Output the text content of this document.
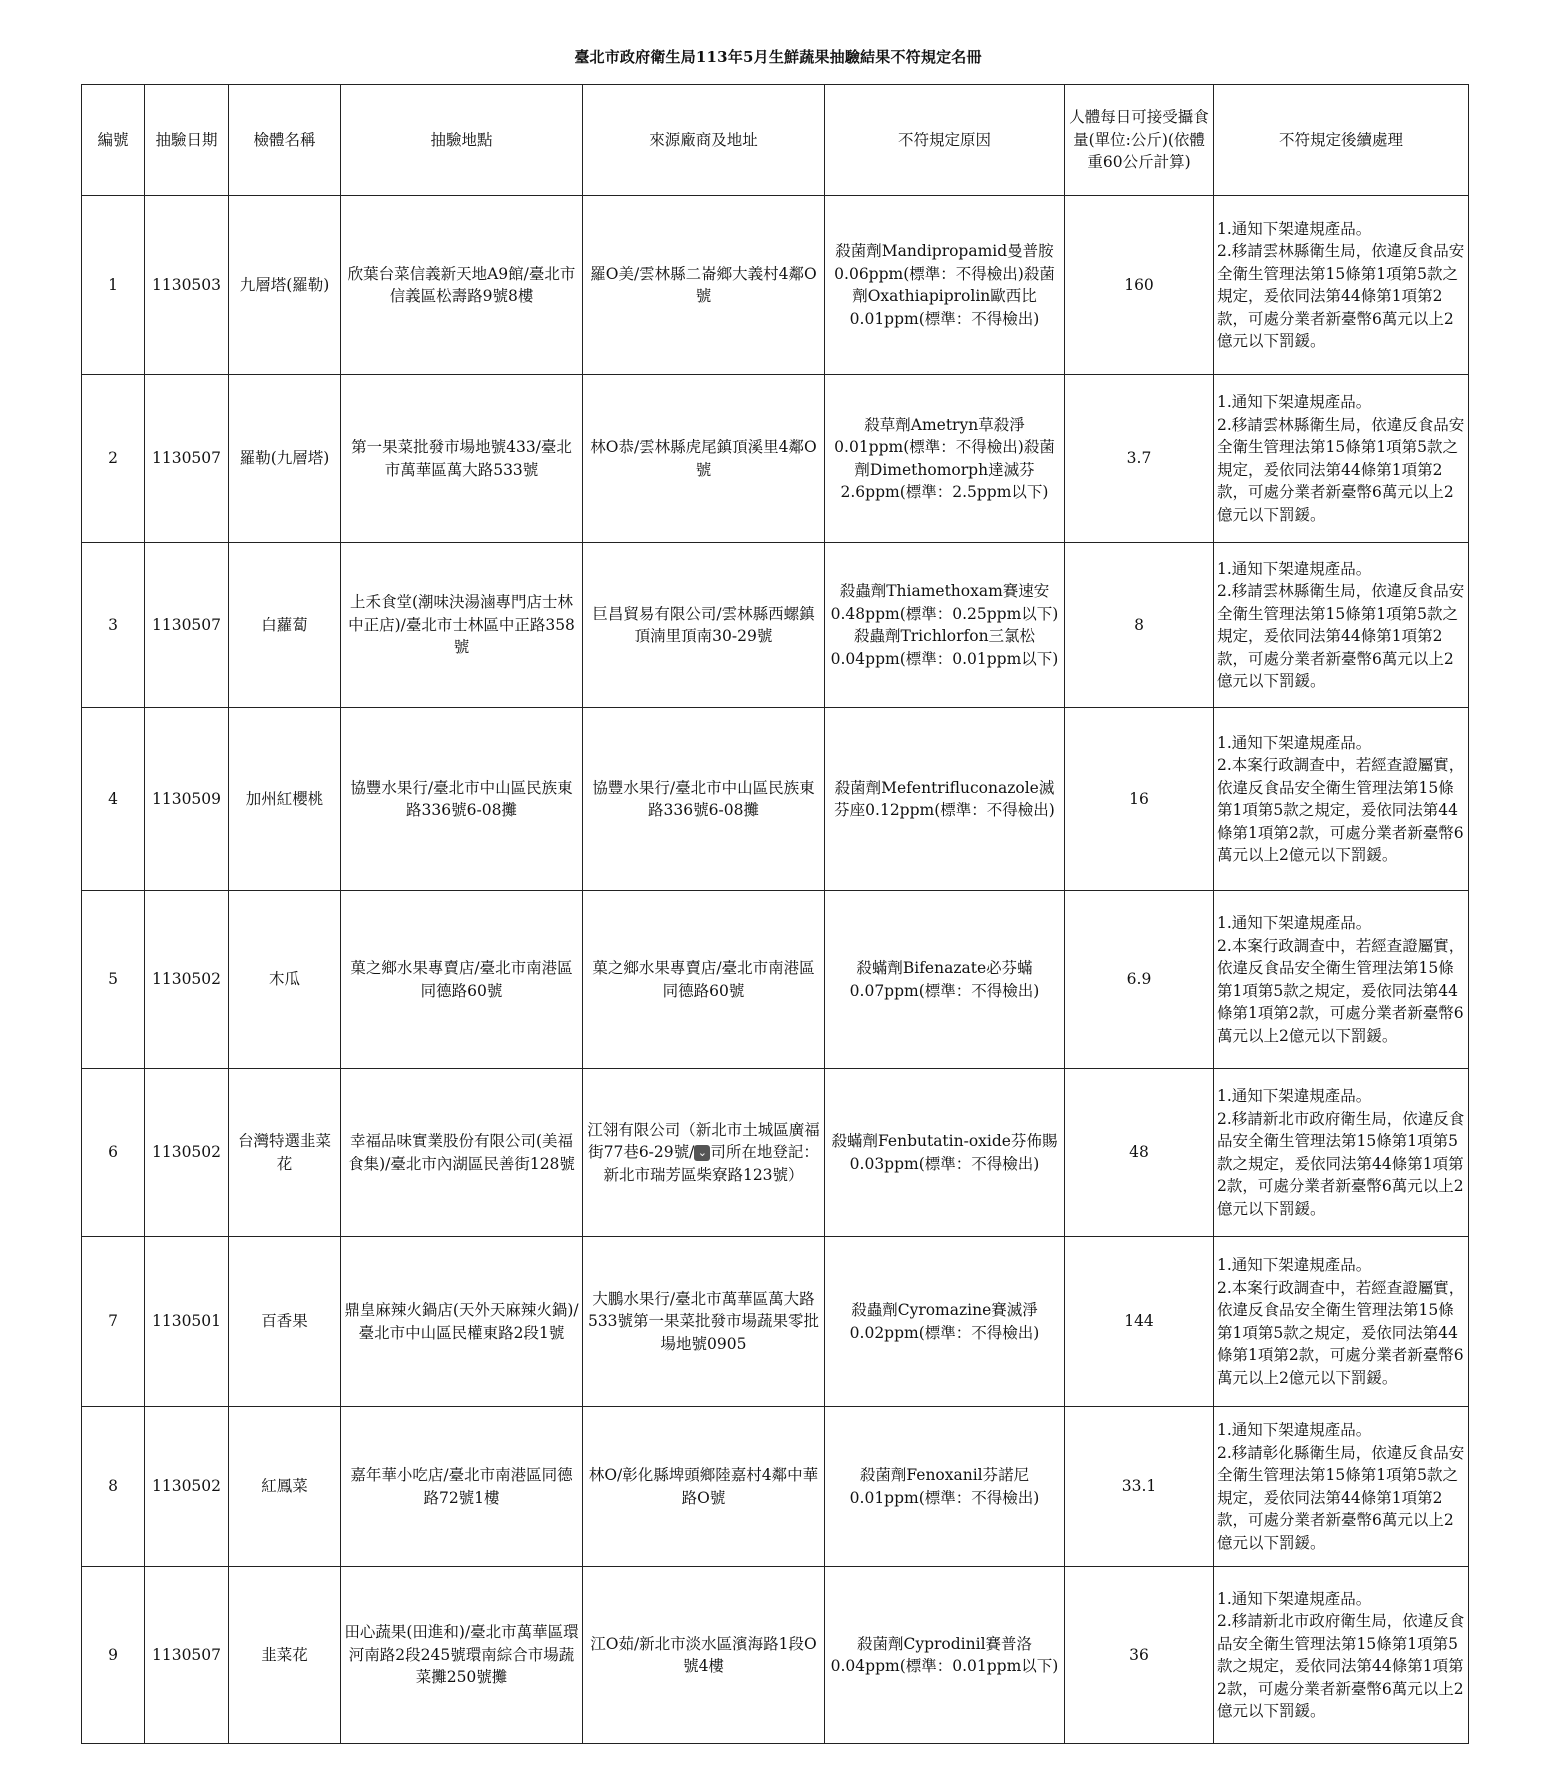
臺北市政府衛生局113年5月生鮮蔬果抽驗結果不符規定名冊
編號	抽驗日期	檢體名稱	抽驗地點	來源廠商及地址	不符規定原因	人體每日可接受攝食量(單位:公斤)(依體重60公斤計算)	不符規定後續處理
1	1130503	九層塔(羅勒)	欣葉台菜信義新天地A9館/臺北市信義區松壽路9號8樓	羅O美/雲林縣二崙鄉大義村4鄰O號	殺菌劑Mandipropamid曼普胺0.06ppm(標準：不得檢出)殺菌劑Oxathiapiprolin歐西比0.01ppm(標準：不得檢出)	160	1.通知下架違規產品。
2.移請雲林縣衛生局，依違反食品安全衛生管理法第15條第1項第5款之規定，爰依同法第44條第1項第2款，可處分業者新臺幣6萬元以上2億元以下罰鍰。

2	1130507	羅勒(九層塔)	第一果菜批發市場地號433/臺北市萬華區萬大路533號	林O恭/雲林縣虎尾鎮頂溪里4鄰O號	殺草劑Ametryn草殺淨0.01ppm(標準：不得檢出)殺菌劑Dimethomorph達滅芬2.6ppm(標準：2.5ppm以下)	3.7	1.通知下架違規產品。
2.移請雲林縣衛生局，依違反食品安全衛生管理法第15條第1項第5款之規定，爰依同法第44條第1項第2款，可處分業者新臺幣6萬元以上2億元以下罰鍰。

3	1130507	白蘿蔔	上禾食堂(潮味決湯滷專門店士林中正店)/臺北市士林區中正路358號	巨昌貿易有限公司/雲林縣西螺鎮頂湳里頂南30-29號	殺蟲劑Thiamethoxam賽速安0.48ppm(標準：0.25ppm以下)殺蟲劑Trichlorfon三氯松0.04ppm(標準：0.01ppm以下)	8	1.通知下架違規產品。
2.移請雲林縣衛生局，依違反食品安全衛生管理法第15條第1項第5款之規定，爰依同法第44條第1項第2款，可處分業者新臺幣6萬元以上2億元以下罰鍰。

4	1130509	加州紅櫻桃	協豐水果行/臺北市中山區民族東路336號6-08攤	協豐水果行/臺北市中山區民族東路336號6-08攤	殺菌劑Mefentrifluconazole滅芬座0.12ppm(標準：不得檢出)	16	1.通知下架違規產品。
2.本案行政調查中，若經查證屬實，依違反食品安全衛生管理法第15條第1項第5款之規定，爰依同法第44條第1項第2款，可處分業者新臺幣6萬元以上2億元以下罰鍰。

5	1130502	木瓜	菓之鄉水果專賣店/臺北市南港區同德路60號	菓之鄉水果專賣店/臺北市南港區同德路60號	殺蟎劑Bifenazate必芬蟎0.07ppm(標準：不得檢出)	6.9	1.通知下架違規產品。
2.本案行政調查中，若經查證屬實，依違反食品安全衛生管理法第15條第1項第5款之規定，爰依同法第44條第1項第2款，可處分業者新臺幣6萬元以上2億元以下罰鍰。

6	1130502	台灣特選韭菜花	幸福品味實業股份有限公司(美福食集)/臺北市內湖區民善街128號	江翎有限公司（新北市土城區廣福街77巷6-29號/ ⌄ 司所在地登記：新北市瑞芳區柴寮路123號）	殺蟎劑Fenbutatin-oxide芬佈賜0.03ppm(標準：不得檢出)	48	1.通知下架違規產品。
2.移請新北市政府衛生局，依違反食品安全衛生管理法第15條第1項第5款之規定，爰依同法第44條第1項第2款，可處分業者新臺幣6萬元以上2億元以下罰鍰。

7	1130501	百香果	鼎皇麻辣火鍋店(天外天麻辣火鍋)/臺北市中山區民權東路2段1號	大鵬水果行/臺北市萬華區萬大路533號第一果菜批發市場蔬果零批場地號0905	殺蟲劑Cyromazine賽滅淨0.02ppm(標準：不得檢出)	144	1.通知下架違規產品。
2.本案行政調查中，若經查證屬實，依違反食品安全衛生管理法第15條第1項第5款之規定，爰依同法第44條第1項第2款，可處分業者新臺幣6萬元以上2億元以下罰鍰。

8	1130502	紅鳳菜	嘉年華小吃店/臺北市南港區同德路72號1樓	林O/彰化縣埤頭鄉陸嘉村4鄰中華路O號	殺菌劑Fenoxanil芬諾尼0.01ppm(標準：不得檢出)	33.1	1.通知下架違規產品。
2.移請彰化縣衛生局，依違反食品安全衛生管理法第15條第1項第5款之規定，爰依同法第44條第1項第2款，可處分業者新臺幣6萬元以上2億元以下罰鍰。

9	1130507	韭菜花	田心蔬果(田進和)/臺北市萬華區環河南路2段245號環南綜合市場蔬菜攤250號攤	江O茹/新北市淡水區濱海路1段O號4樓	殺菌劑Cyprodinil賽普洛0.04ppm(標準：0.01ppm以下)	36	1.通知下架違規產品。
2.移請新北市政府衛生局，依違反食品安全衛生管理法第15條第1項第5款之規定，爰依同法第44條第1項第2款，可處分業者新臺幣6萬元以上2億元以下罰鍰。
